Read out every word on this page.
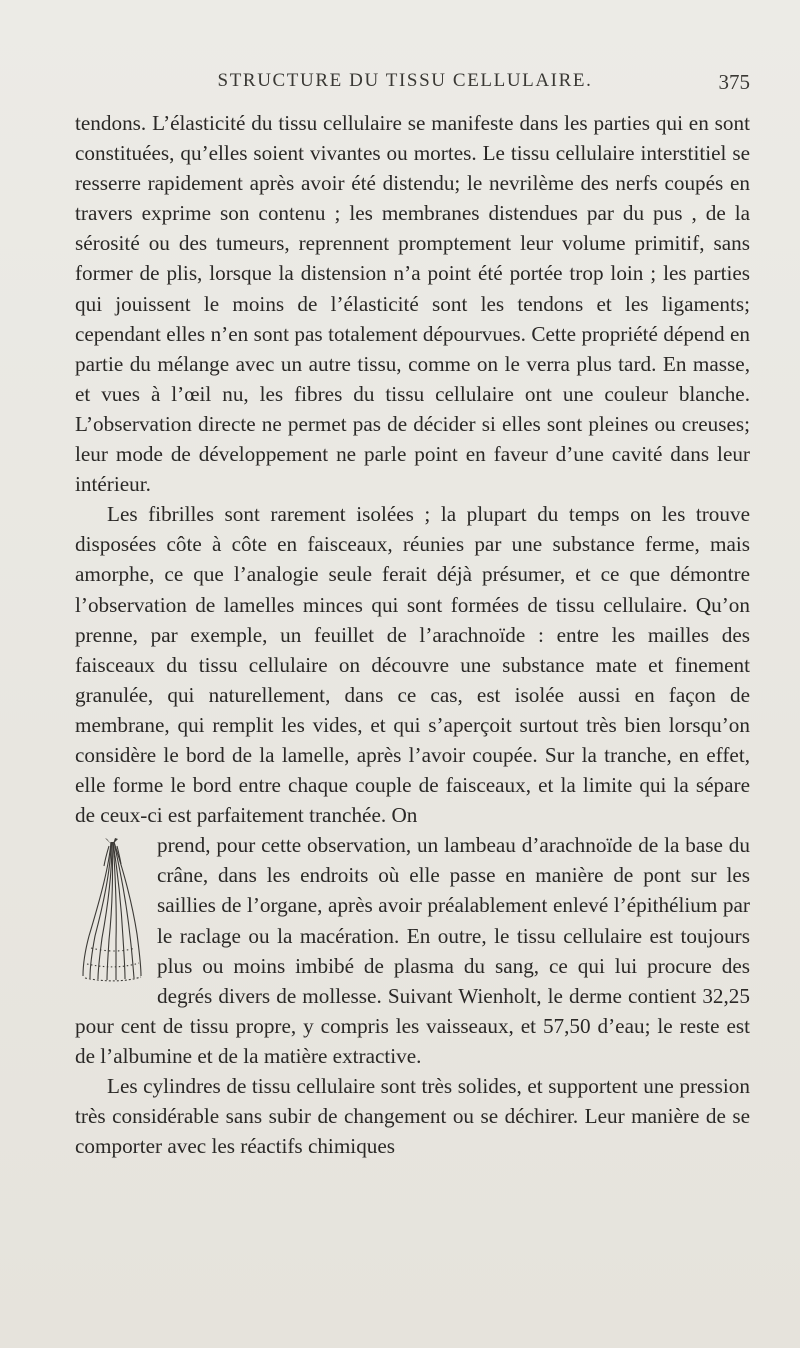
STRUCTURE DU TISSU CELLULAIRE.	375

tendons. L’élasticité du tissu cellulaire se manifeste dans les parties qui en sont constituées, qu’elles soient vivantes ou mortes. Le tissu cellulaire interstitiel se resserre rapidement après avoir été distendu; le nevrilème des nerfs coupés en travers exprime son contenu ; les membranes distendues par du pus , de la sérosité ou des tumeurs, reprennent promptement leur volume primitif, sans former de plis, lorsque la distension n’a point été portée trop loin ; les parties qui jouissent le moins de l’élasticité sont les tendons et les ligaments; cependant elles n’en sont pas totalement dépourvues. Cette propriété dépend en partie du mélange avec un autre tissu, comme on le verra plus tard. En masse, et vues à l’œil nu, les fibres du tissu cellulaire ont une couleur blanche. L’observation directe ne permet pas de décider si elles sont pleines ou creuses; leur mode de développement ne parle point en faveur d’une cavité dans leur intérieur.

Les fibrilles sont rarement isolées ; la plupart du temps on les trouve disposées côte à côte en faisceaux, réunies par une substance ferme, mais amorphe, ce que l’analogie seule ferait déjà présumer, et ce que démontre l’observation de lamelles minces qui sont formées de tissu cellulaire. Qu’on prenne, par exemple, un feuillet de l’arachnoïde : entre les mailles des faisceaux du tissu cellulaire on découvre une substance mate et finement granulée, qui naturellement, dans ce cas, est isolée aussi en façon de membrane, qui remplit les vides, et qui s’aperçoit surtout très bien lorsqu’on considère le bord de la lamelle, après l’avoir coupée. Sur la tranche, en effet, elle forme le bord entre chaque couple de faisceaux, et la limite qui la sépare de ceux-ci est parfaitement tranchée. On

prend, pour cette observation, un lambeau d’arachnoïde de la base du crâne, dans les endroits où elle passe en manière de pont sur les saillies de l’organe, après avoir préalablement enlevé l’épithélium par le raclage ou la macération. En outre, le tissu cellulaire est toujours plus ou moins imbibé de plasma du sang, ce qui lui procure des degrés divers de mollesse. Suivant Wienholt, le derme contient 32,25 pour cent de tissu propre, y compris les vaisseaux, et 57,50 d’eau; le reste est de l’albumine et de la matière extractive.

Les cylindres de tissu cellulaire sont très solides, et supportent une pression très considérable sans subir de changement ou se déchirer. Leur manière de se comporter avec les réactifs chimiques
